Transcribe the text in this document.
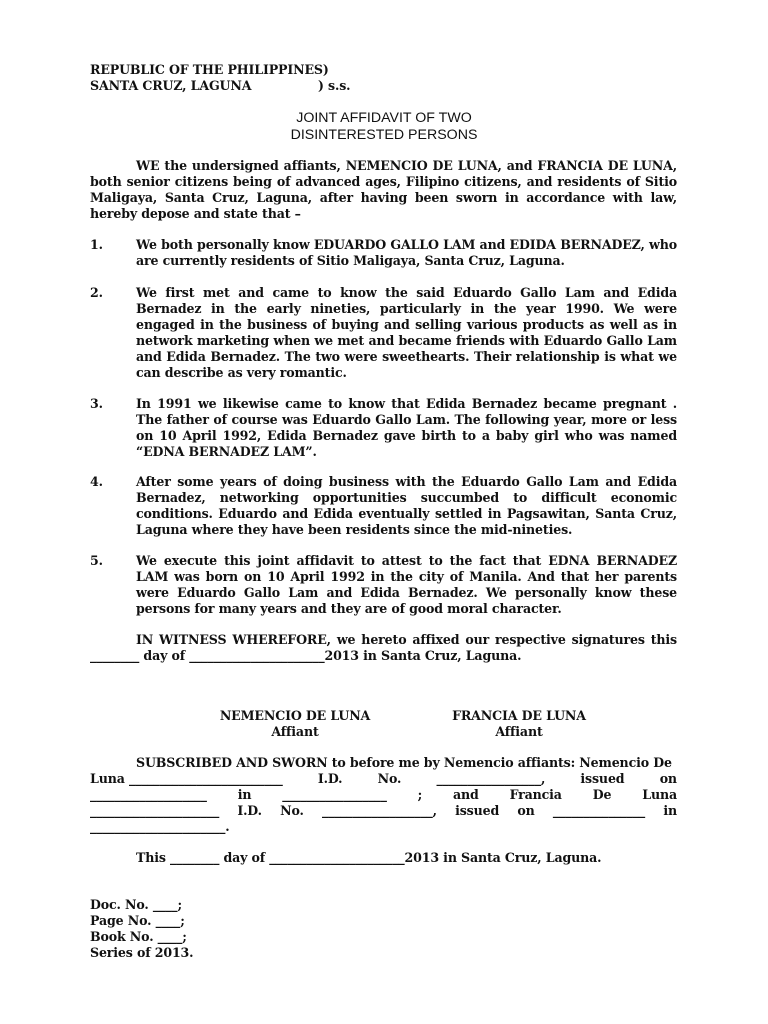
REPUBLIC OF THE PHILIPPINES)
SANTA CRUZ, LAGUNA	) s.s.
JOINT AFFIDAVIT OF TWO
DISINTERESTED PERSONS
WE the undersigned affiants, NEMENCIO DE LUNA, and FRANCIA DE LUNA, both senior citizens being of advanced ages, Filipino citizens, and residents of Sitio Maligaya, Santa Cruz, Laguna, after having been sworn in accordance with law, hereby depose and state that –
1.	We both personally know EDUARDO GALLO LAM and EDIDA BERNADEZ, who are currently residents of Sitio Maligaya, Santa Cruz, Laguna.
2.	We first met and came to know the said Eduardo Gallo Lam and Edida Bernadez in the early nineties, particularly in the year 1990. We were engaged in the business of buying and selling various products as well as in network marketing when we met and became friends with Eduardo Gallo Lam and Edida Bernadez. The two were sweethearts. Their relationship is what we can describe as very romantic.
3.	In 1991 we likewise came to know that Edida Bernadez became pregnant . The father of course was Eduardo Gallo Lam. The following year, more or less on 10 April 1992, Edida Bernadez gave birth to a baby girl who was named “EDNA BERNADEZ LAM”.
4.	After some years of doing business with the Eduardo Gallo Lam and Edida Bernadez, networking opportunities succumbed to difficult economic conditions. Eduardo and Edida eventually settled in Pagsawitan, Santa Cruz, Laguna where they have been residents since the mid-nineties.
5.	We execute this joint affidavit to attest to the fact that EDNA BERNADEZ LAM was born on 10 April 1992 in the city of Manila. And that her parents were Eduardo Gallo Lam and Edida Bernadez. We personally know these persons for many years and they are of good moral character.
IN WITNESS WHEREFORE, we hereto affixed our respective signatures this ________ day of ______________________2013 in Santa Cruz, Laguna.
NEMENCIO DE LUNA
Affiant
FRANCIA DE LUNA
Affiant
SUBSCRIBED AND SWORN to before me by Nemencio affiants: Nemencio De
Luna _________________________	I.D.	No.	_________________,	issued	on
___________________ in _________________ ; and Francia De Luna
_____________________ I.D. No. __________________, issued on _______________ in
______________________.
This ________ day of ______________________2013 in Santa Cruz, Laguna.
Doc. No. ____;
Page No. ____;
Book No. ____;
Series of 2013.
